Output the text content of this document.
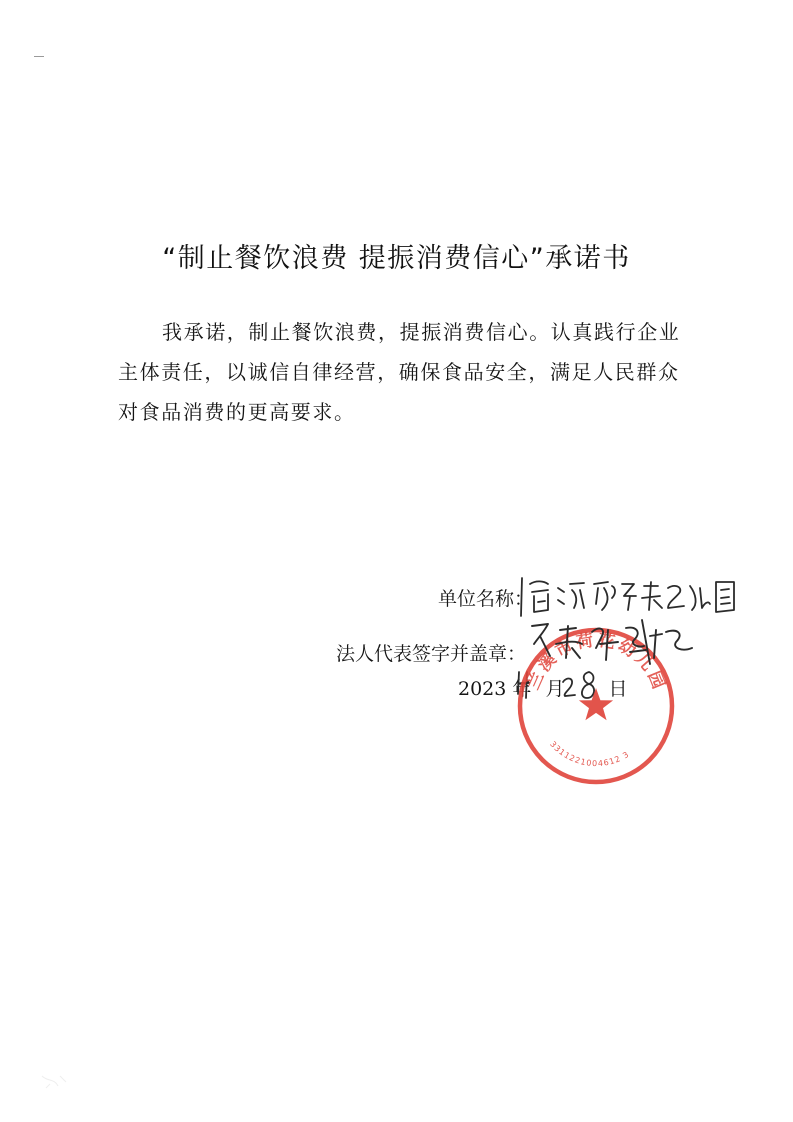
“制止餐饮浪费 提振消费信心”承诺书
我承诺，制止餐饮浪费，提振消费信心。认真践行企业
主体责任，以诚信自律经营，确保食品安全，满足人民群众
对食品消费的更高要求。

单位名称：

法人代表签字并盖章：

2023 年 月 日
兰溪市荷花幼儿园
3311221004612 3
